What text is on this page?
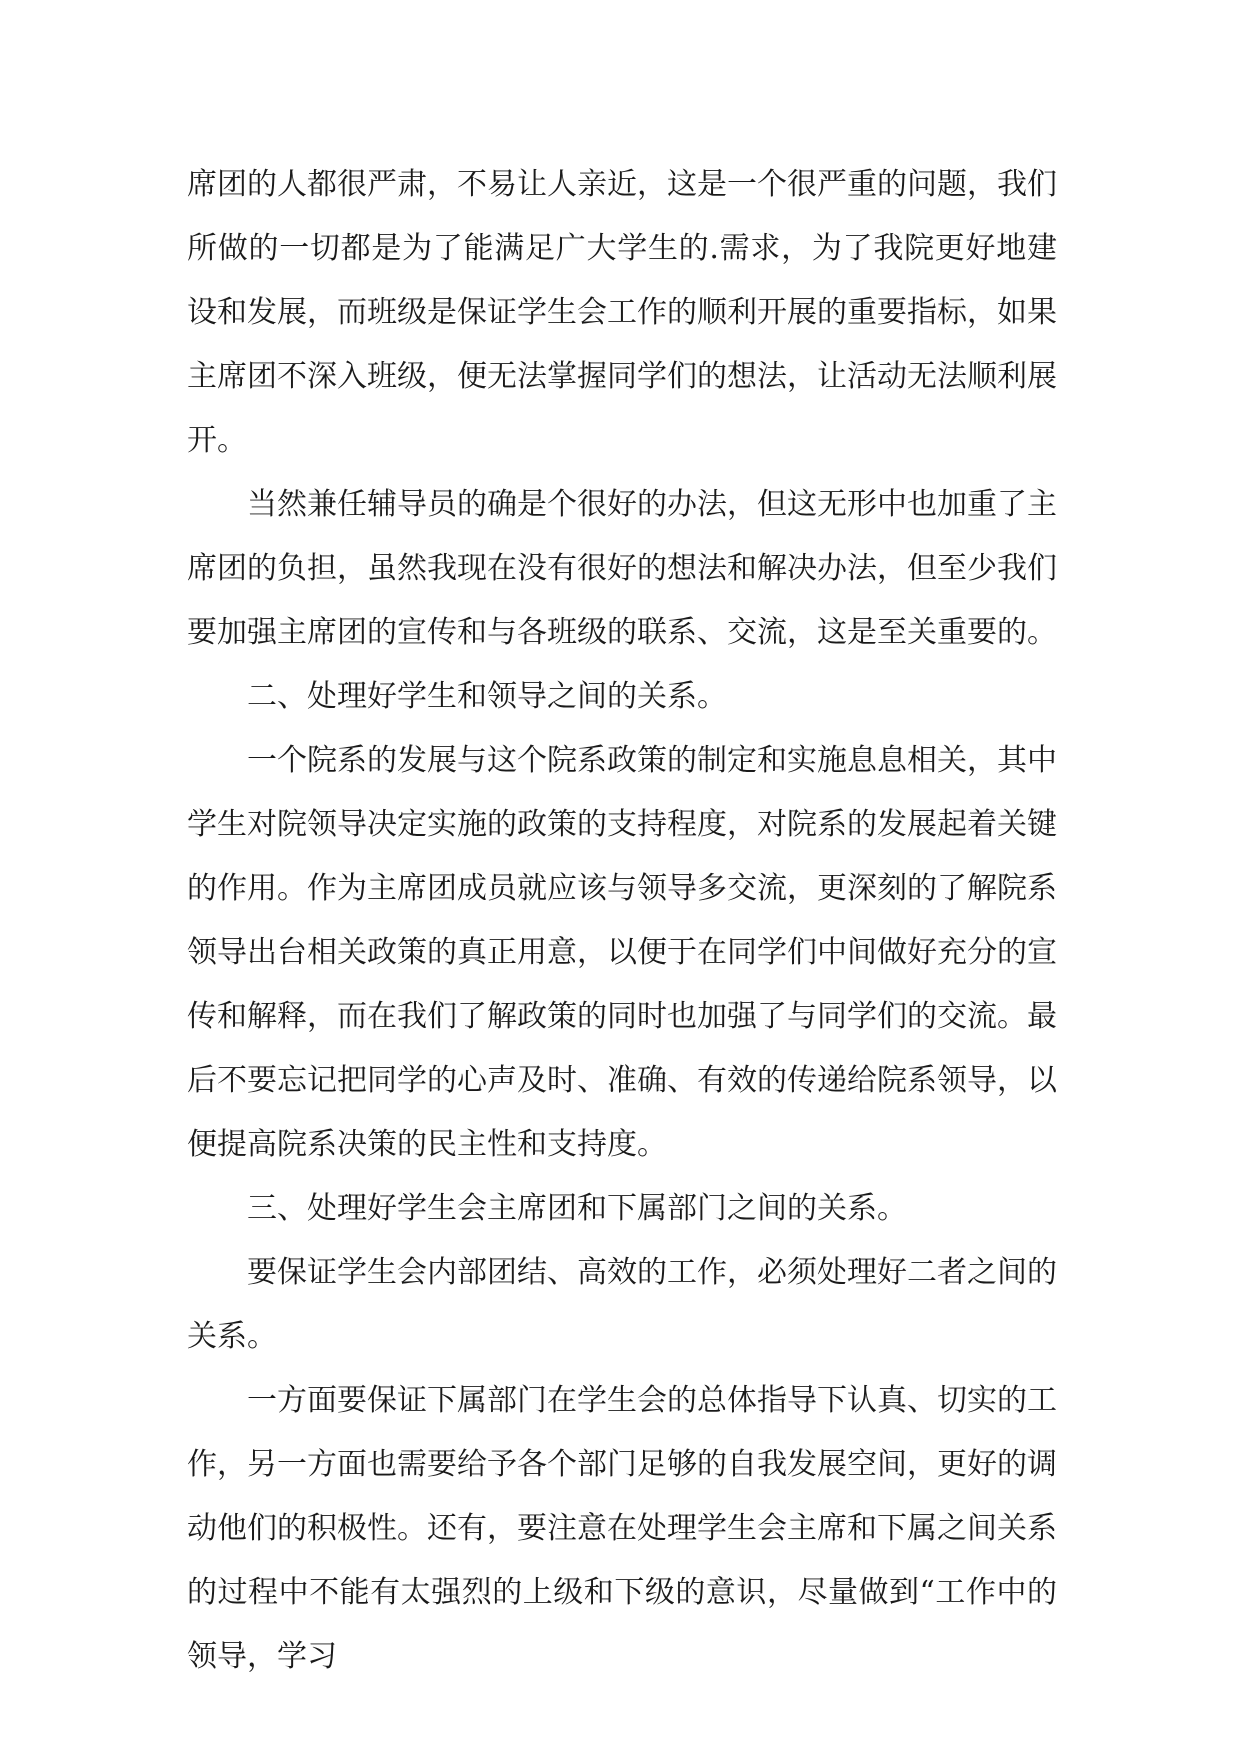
席团的人都很严肃，不易让人亲近，这是一个很严重的问题，我们所做的一切都是为了能满足广大学生的.需求，为了我院更好地建设和发展，而班级是保证学生会工作的顺利开展的重要指标，如果主席团不深入班级，便无法掌握同学们的想法，让活动无法顺利展开。

当然兼任辅导员的确是个很好的办法，但这无形中也加重了主席团的负担，虽然我现在没有很好的想法和解决办法，但至少我们要加强主席团的宣传和与各班级的联系、交流，这是至关重要的。

二、处理好学生和领导之间的关系。

一个院系的发展与这个院系政策的制定和实施息息相关，其中学生对院领导决定实施的政策的支持程度，对院系的发展起着关键的作用。作为主席团成员就应该与领导多交流，更深刻的了解院系领导出台相关政策的真正用意，以便于在同学们中间做好充分的宣传和解释，而在我们了解政策的同时也加强了与同学们的交流。最后不要忘记把同学的心声及时、准确、有效的传递给院系领导，以便提高院系决策的民主性和支持度。

三、处理好学生会主席团和下属部门之间的关系。

要保证学生会内部团结、高效的工作，必须处理好二者之间的关系。

一方面要保证下属部门在学生会的总体指导下认真、切实的工作，另一方面也需要给予各个部门足够的自我发展空间，更好的调动他们的积极性。还有，要注意在处理学生会主席和下属之间关系的过程中不能有太强烈的上级和下级的意识，尽量做到“工作中的领导，学习
